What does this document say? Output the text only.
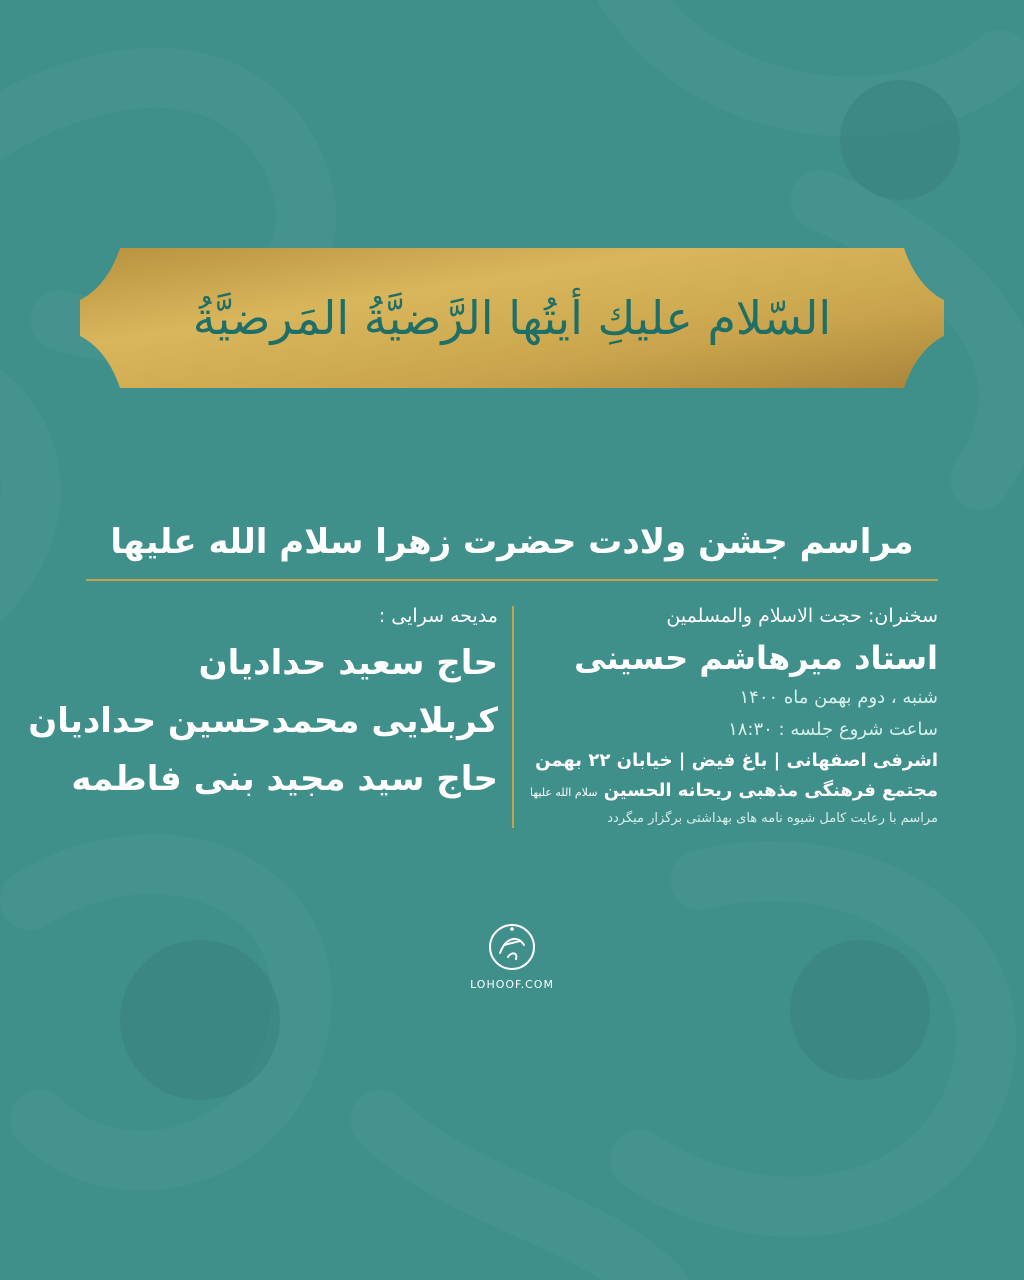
السّلام علیكِ أیتُها الرَّضیَّةُ المَرضیَّةُ
مراسم جشن ولادت حضرت زهرا سلام الله علیها
سخنران: حجت الاسلام والمسلمین
استاد میرهاشم حسینی
شنبه ، دوم بهمن ماه ۱۴۰۰
ساعت شروع جلسه : ۱۸:۳۰
اشرفی اصفهانی | باغ فیض | خیابان ۲۲ بهمن
مجتمع فرهنگی مذهبی ریحانه الحسین سلام الله علیها
مراسم با رعایت کامل شیوه نامه های بهداشتی برگزار میگردد
مدیحه سرایی :
حاج سعید حدادیان
کربلایی محمدحسین حدادیان
حاج سید مجید بنی فاطمه
LOHOOF.COM
